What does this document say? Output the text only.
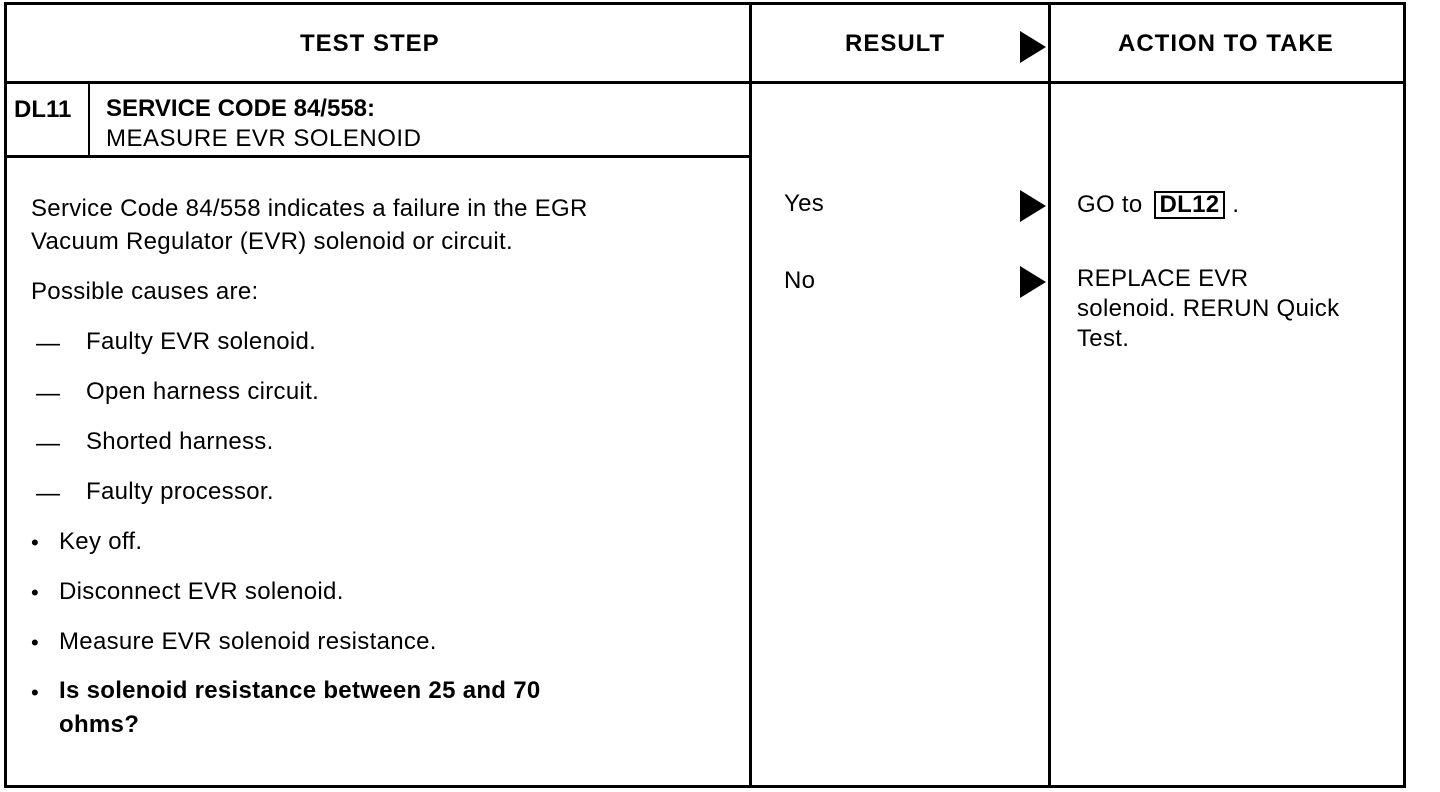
TEST STEP	RESULT	ACTION TO TAKE
DL11 SERVICE CODE 84/558:
MEASURE EVR SOLENOID
Service Code 84/558 indicates a failure in the EGR
Vacuum Regulator (EVR) solenoid or circuit.
Possible causes are:
— Faulty EVR solenoid.
— Open harness circuit.
— Shorted harness.
— Faulty processor.
• Key off.
• Disconnect EVR solenoid.
• Measure EVR solenoid resistance.
• Is solenoid resistance between 25 and 70
ohms?
Yes
No
GO to DL12 .
REPLACE EVR
solenoid. RERUN Quick
Test.
